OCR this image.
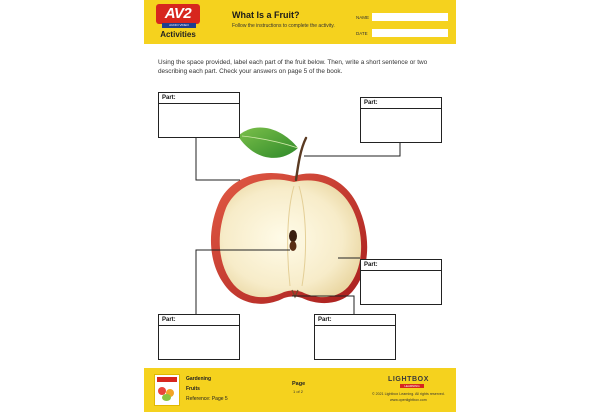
AV2
AUDIO VIDEO
Activities
What Is a Fruit?
Follow the instructions to complete the activity.
NAME
DATE
Using the space provided, label each part of the fruit below. Then, write a short sentence or two describing each part. Check your answers on page 5 of the book.
Part:
Part:
Part:
Part:	Part:
Gardening
Fruits
Reference: Page 5
Page
1 of 2
LIGHTBOX
LEARNING
© 2021 Lightbox Learning. All rights reserved.
www.openlightbox.com
